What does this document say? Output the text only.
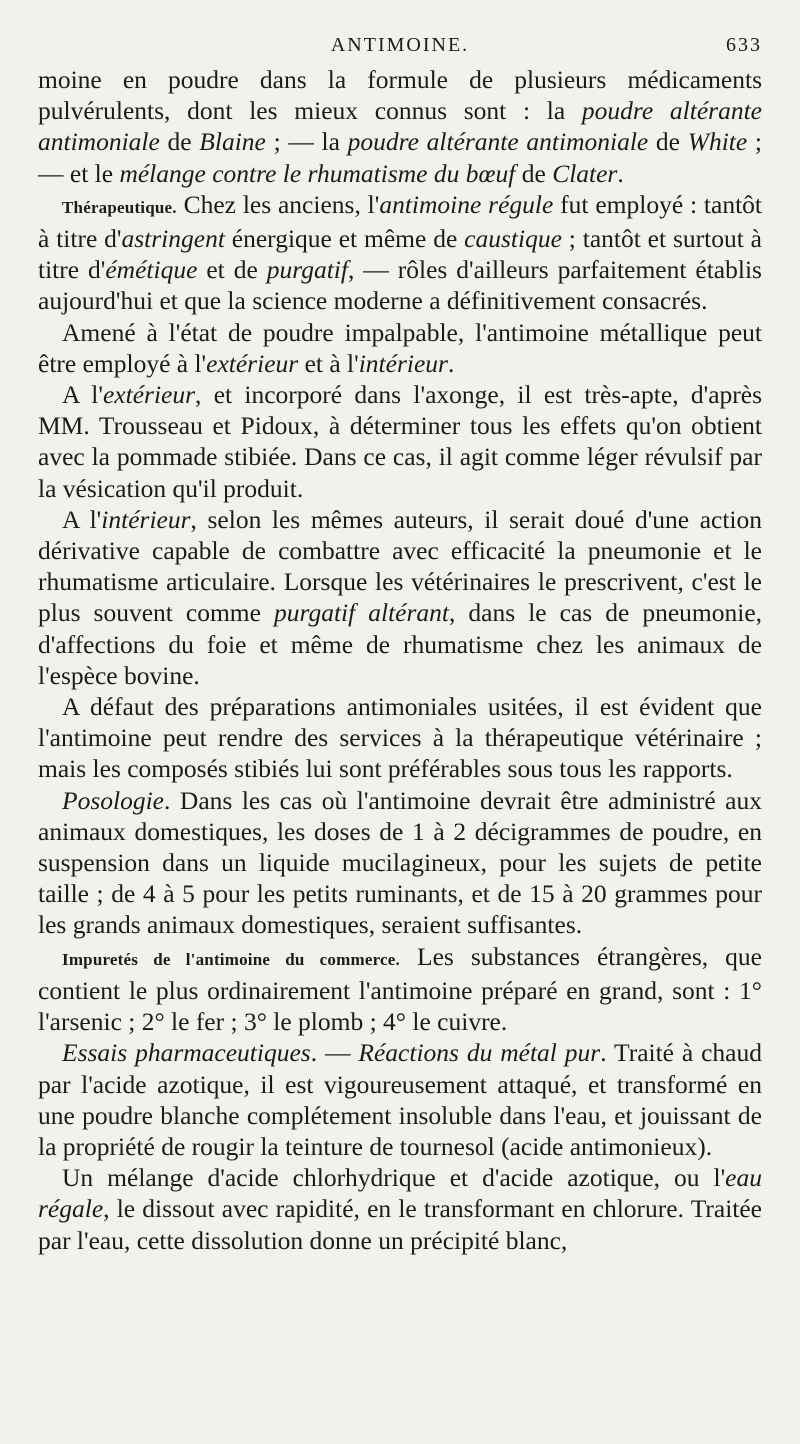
ANTIMOINE.	633

moine en poudre dans la formule de plusieurs médicaments pulvérulents, dont les mieux connus sont : la poudre altérante antimoniale de Blaine ; — la poudre altérante antimoniale de White ; — et le mélange contre le rhumatisme du bœuf de Clater.

Thérapeutique. Chez les anciens, l'antimoine régule fut employé : tantôt à titre d'astringent énergique et même de caustique ; tantôt et surtout à titre d'émétique et de purgatif, — rôles d'ailleurs parfaitement établis aujourd'hui et que la science moderne a définitivement consacrés.

Amené à l'état de poudre impalpable, l'antimoine métallique peut être employé à l'extérieur et à l'intérieur.

A l'extérieur, et incorporé dans l'axonge, il est très-apte, d'après MM. Trousseau et Pidoux, à déterminer tous les effets qu'on obtient avec la pommade stibiée. Dans ce cas, il agit comme léger révulsif par la vésication qu'il produit.

A l'intérieur, selon les mêmes auteurs, il serait doué d'une action dérivative capable de combattre avec efficacité la pneumonie et le rhumatisme articulaire. Lorsque les vétérinaires le prescrivent, c'est le plus souvent comme purgatif altérant, dans le cas de pneumonie, d'affections du foie et même de rhumatisme chez les animaux de l'espèce bovine.

A défaut des préparations antimoniales usitées, il est évident que l'antimoine peut rendre des services à la thérapeutique vétérinaire ; mais les composés stibiés lui sont préférables sous tous les rapports.

Posologie. Dans les cas où l'antimoine devrait être administré aux animaux domestiques, les doses de 1 à 2 décigrammes de poudre, en suspension dans un liquide mucilagineux, pour les sujets de petite taille ; de 4 à 5 pour les petits ruminants, et de 15 à 20 grammes pour les grands animaux domestiques, seraient suffisantes.

Impuretés de l'antimoine du commerce. Les substances étrangères, que contient le plus ordinairement l'antimoine préparé en grand, sont : 1° l'arsenic ; 2° le fer ; 3° le plomb ; 4° le cuivre.

Essais pharmaceutiques. — Réactions du métal pur. Traité à chaud par l'acide azotique, il est vigoureusement attaqué, et transformé en une poudre blanche complétement insoluble dans l'eau, et jouissant de la propriété de rougir la teinture de tournesol (acide antimonieux).

Un mélange d'acide chlorhydrique et d'acide azotique, ou l'eau régale, le dissout avec rapidité, en le transformant en chlorure. Traitée par l'eau, cette dissolution donne un précipité blanc,
